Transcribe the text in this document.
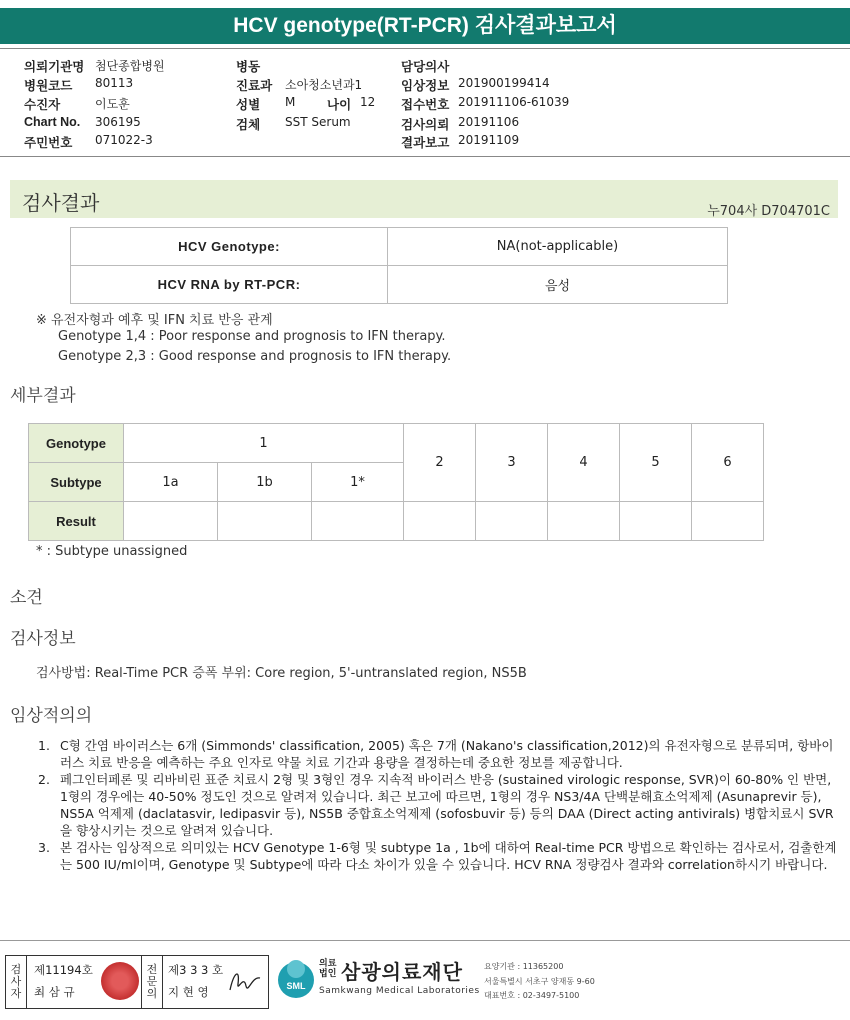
HCV genotype(RT-PCR) 검사결과보고서
의뢰기관명 첨단종합병원
병원코드 80113
수진자	이도훈
Chart No. 306195
주민번호 071022-3
병동
진료과 소아청소년과1
성별 M	나이 12
검체 SST Serum
담당의사
임상정보 201900199414
접수번호 201911106-61039
검사의뢰 20191106
결과보고 20191109
검사결과	누704사 D704701C
HCV Genotype:	NA(not-applicable)
HCV RNA by RT-PCR:	음성
※ 유전자형과 예후 및 IFN 치료 반응 관계
Genotype 1,4 : Poor response and prognosis to IFN therapy.
Genotype 2,3 : Good response and prognosis to IFN therapy.
세부결과
Genotype	1			2	3	4	5	6
Subtype	1a	1b	1*					
Result								
* : Subtype unassigned
소견
검사정보
검사방법: Real-Time PCR 증폭 부위: Core region, 5'-untranslated region, NS5B
임상적의의
1. C형 간염 바이러스는 6개 (Simmonds' classification, 2005) 혹은 7개 (Nakano's classification,2012)의 유전자형으로 분류되며, 항바이러스 치료 반응을 예측하는 주요 인자로 약물 치료 기간과 용량을 결정하는데 중요한 정보를 제공합니다.
2. 페그인터페론 및 리바비린 표준 치료시 2형 및 3형인 경우 지속적 바이러스 반응 (sustained virologic response, SVR)이 60-80% 인 반면, 1형의 경우에는 40-50% 정도인 것으로 알려져 있습니다. 최근 보고에 따르면, 1형의 경우 NS3/4A 단백분해효소억제제 (Asunaprevir 등), NS5A 억제제 (daclatasvir, ledipasvir 등), NS5B 중합효소억제제 (sofosbuvir 등) 등의 DAA (Direct acting antivirals) 병합치료시 SVR을 향상시키는 것으로 알려져 있습니다.
3. 본 검사는 임상적으로 의미있는 HCV Genotype 1-6형 및 subtype 1a , 1b에 대하여 Real-time PCR 방법으로 확인하는 검사로서, 검출한계는 500 IU/ml이며, Genotype 및 Subtype에 따라 다소 차이가 있을 수 있습니다. HCV RNA 정량검사 결과와 correlation하시기 바랍니다.
검사자
제11194호
최 삼 규
전문의
제3 3 3 호
지 현 영	SML
의료법인 삼광의료재단
Samkwang Medical Laboratories
요양기관 : 11365200
서울특별시 서초구 양재동 9-60
대표번호 : 02-3497-5100
